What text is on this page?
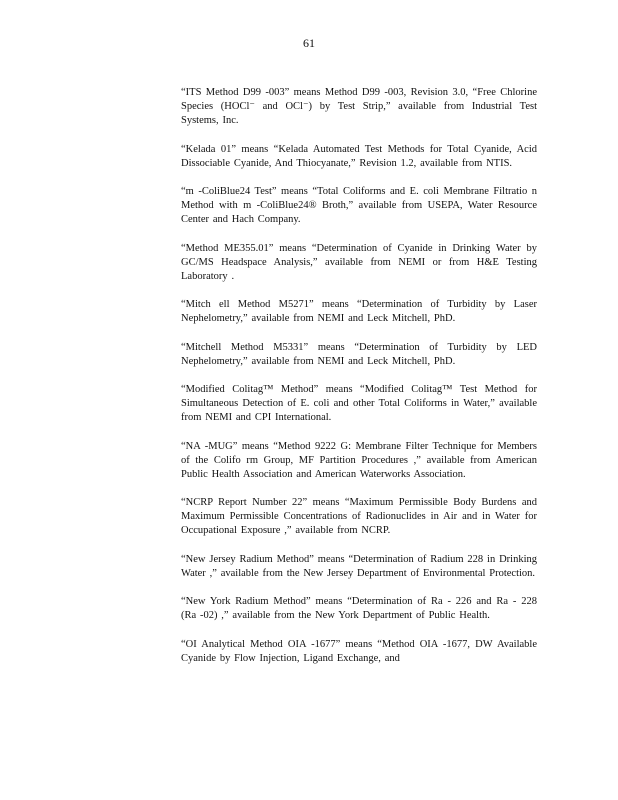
61

“ITS Method D99 -003” means Method D99 -003, Revision 3.0, “Free Chlorine Species (HOCl⁻ and OCl⁻) by Test Strip,” available from Industrial Test Systems, Inc.

“Kelada 01” means “Kelada Automated Test Methods for Total Cyanide, Acid Dissociable Cyanide, And Thiocyanate,” Revision 1.2, available from NTIS.

“m -ColiBlue24 Test” means “Total Coliforms and E. coli Membrane Filtratio n Method with m -ColiBlue24® Broth,” available from USEPA, Water Resource Center and Hach Company.

“Method ME355.01” means “Determination of Cyanide in Drinking Water by GC/MS Headspace Analysis,” available from NEMI or from H&E Testing Laboratory .

“Mitch ell Method M5271” means “Determination of Turbidity by Laser Nephelometry,” available from NEMI and Leck Mitchell, PhD.

“Mitchell Method M5331” means “Determination of Turbidity by LED Nephelometry,” available from NEMI and Leck Mitchell, PhD.

“Modified Colitag™ Method” means “Modified Colitag™ Test Method for Simultaneous Detection of E. coli and other Total Coliforms in Water,” available from NEMI and CPI International.

“NA -MUG” means “Method 9222 G: Membrane Filter Technique for Members of the Colifo rm Group, MF Partition Procedures ,” available from American Public Health Association and American Waterworks Association.

“NCRP Report Number 22” means “Maximum Permissible Body Burdens and Maximum Permissible Concentrations of Radionuclides in Air and in Water for Occupational Exposure ,” available from NCRP.

“New Jersey Radium Method” means “Determination of Radium 228 in Drinking Water ,” available from the New Jersey Department of Environmental Protection.

“New York Radium Method” means “Determination of Ra - 226 and Ra - 228 (Ra -02) ,” available from the New York Department of Public Health.

“OI Analytical Method OIA -1677” means “Method OIA -1677, DW Available Cyanide by Flow Injection, Ligand Exchange, and
